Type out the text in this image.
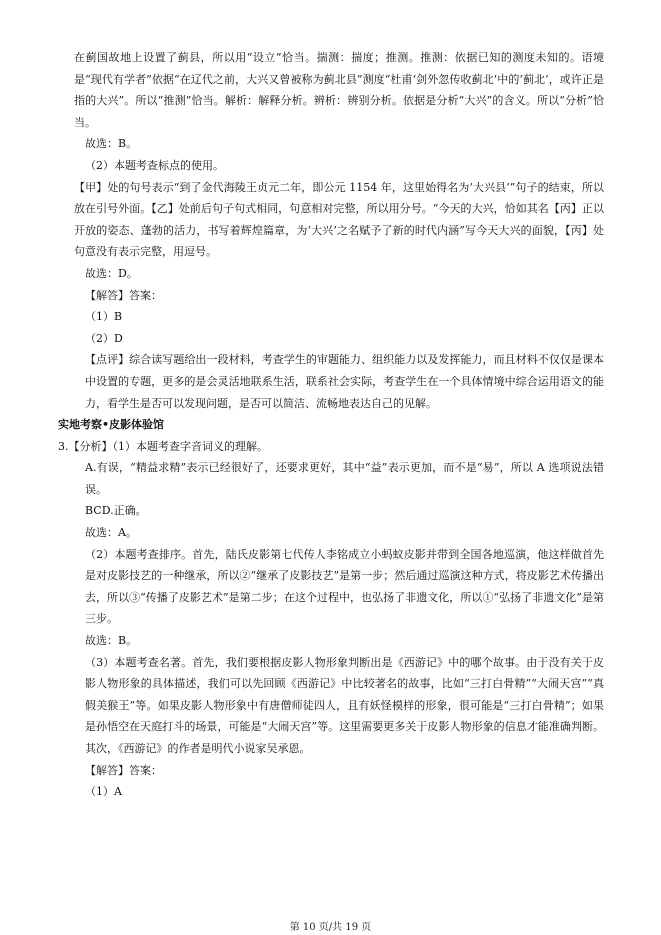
在蓟国故地上设置了蓟县，所以用“设立”恰当。揣测：揣度；推测。推测：依据已知的测度未知的。语境是“现代有学者”依据“在辽代之前，大兴又曾被称为蓟北县”测度“杜甫‘剑外忽传收蓟北’中的‘蓟北’，或许正是指的大兴”。所以“推测”恰当。解析：解释分析。辨析：辨别分析。依据是分析“大兴”的含义。所以“分析”恰当。

故选：B。

（2）本题考查标点的使用。

【甲】处的句号表示“到了金代海陵王贞元二年，即公元 1154 年，这里始得名为‘大兴县’”句子的结束，所以放在引号外面。【乙】处前后句子句式相同，句意相对完整，所以用分号。“今天的大兴，恰如其名【丙】正以开放的姿态、蓬勃的活力，书写着辉煌篇章，为‘大兴’之名赋予了新的时代内涵”写今天大兴的面貌，【丙】处句意没有表示完整，用逗号。

故选：D。

【解答】答案：

（1）B

（2）D

【点评】综合读写题给出一段材料，考查学生的审题能力、组织能力以及发挥能力，而且材料不仅仅是课本中设置的专题，更多的是会灵活地联系生活，联系社会实际，考查学生在一个具体情境中综合运用语文的能力，看学生是否可以发现问题，是否可以简洁、流畅地表达自己的见解。

实地考察•皮影体验馆

3.【分析】（1）本题考查字音词义的理解。

A.有误，“精益求精”表示已经很好了，还要求更好，其中“益”表示更加，而不是“易”，所以 A 选项说法错误。

BCD.正确。

故选：A。

（2）本题考查排序。首先，陆氏皮影第七代传人李铭成立小蚂蚁皮影并带到全国各地巡演，他这样做首先是对皮影技艺的一种继承，所以②“继承了皮影技艺”是第一步；然后通过巡演这种方式，将皮影艺术传播出去，所以③“传播了皮影艺术”是第二步；在这个过程中，也弘扬了非遗文化，所以①“弘扬了非遗文化”是第三步。

故选：B。

（3）本题考查名著。首先，我们要根据皮影人物形象判断出是《西游记》中的哪个故事。由于没有关于皮影人物形象的具体描述，我们可以先回顾《西游记》中比较著名的故事，比如“三打白骨精”“大闹天宫”“真假美猴王”等。如果皮影人物形象中有唐僧师徒四人，且有妖怪模样的形象，很可能是“三打白骨精”；如果是孙悟空在天庭打斗的场景，可能是“大闹天宫”等。这里需要更多关于皮影人物形象的信息才能准确判断。其次，《西游记》的作者是明代小说家吴承恩。

【解答】答案：

（1）A

第 10 页/共 19 页
